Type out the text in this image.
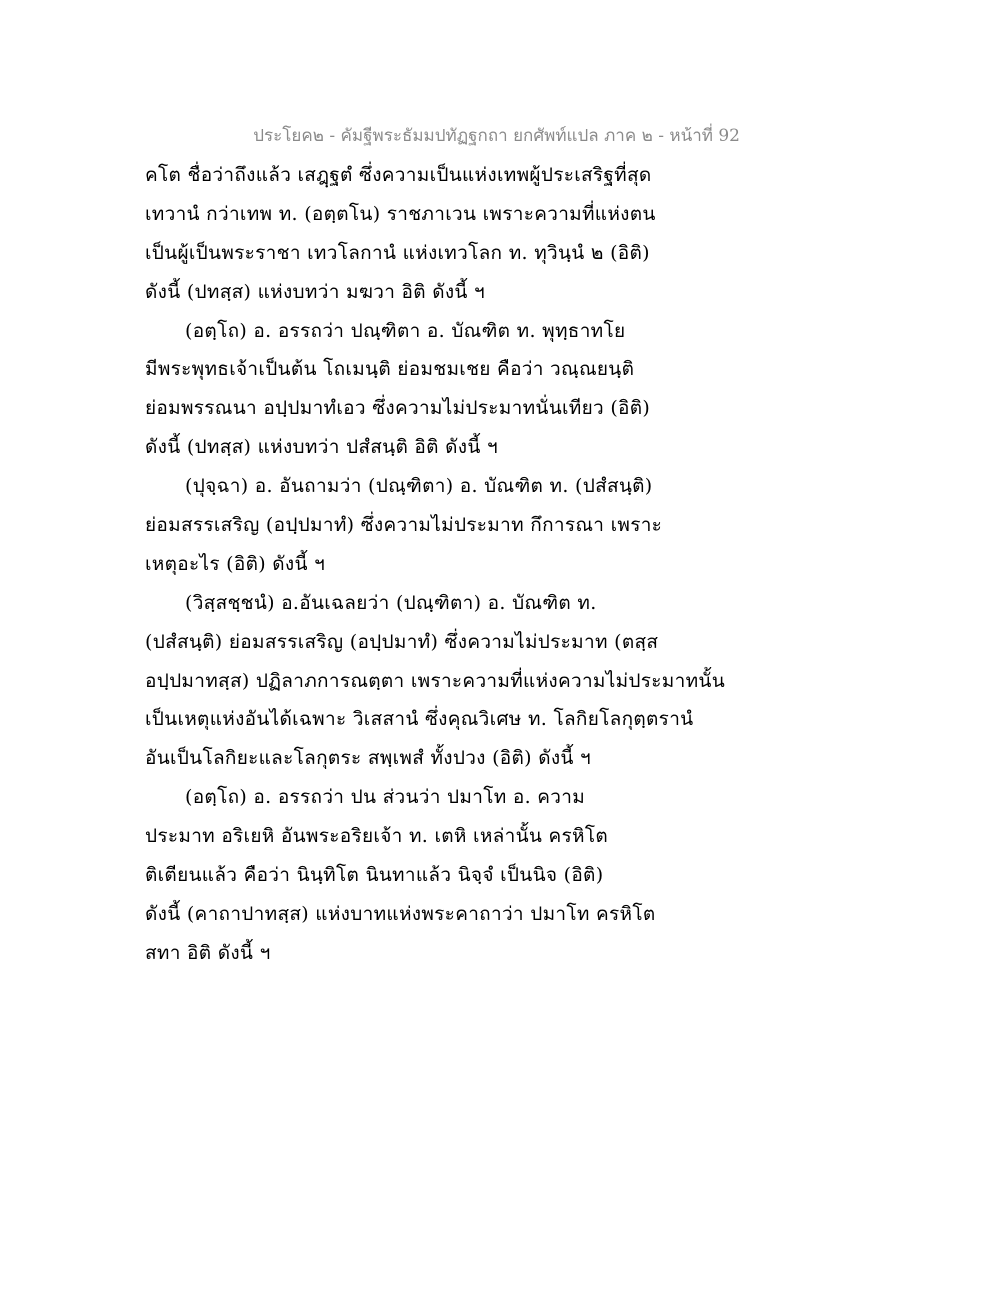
ประโยค๒ - คัมฐีพระธัมมปทัฏฐกถา ยกศัพท์แปล ภาค ๒ - หน้าที่ 92
คโต ชื่อว่าถึงแล้ว เสฎฺฐตํ ซึ่งความเป็นแห่งเทพผู้ประเสริฐที่สุด
เทวานํ กว่าเทพ ท. (อตฺตโน) ราชภาเวน เพราะความที่แห่งตน
เป็นผู้เป็นพระราชา เทวโลกานํ แห่งเทวโลก ท. ทุวินฺนํ ๒ (อิติ)
ดังนี้ (ปทสฺส) แห่งบทว่า มฆวา อิติ ดังนี้ ฯ
(อตฺโถ) อ. อรรถว่า ปณฺฑิตา อ. บัณฑิต ท. พุทฺธาทโย
มีพระพุทธเจ้าเป็นต้น โถเมนฺติ ย่อมชมเชย คือว่า วณฺณยนฺติ
ย่อมพรรณนา อปฺปมาทํเอว ซึ่งความไม่ประมาทนั่นเทียว (อิติ)
ดังนี้ (ปทสฺส) แห่งบทว่า ปสํสนฺติ อิติ ดังนี้ ฯ
(ปุจฺฉา) อ. อันถามว่า (ปณฺฑิตา) อ. บัณฑิต ท. (ปสํสนฺติ)
ย่อมสรรเสริญ (อปฺปมาทํ) ซึ่งความไม่ประมาท กึการณา เพราะ
เหตุอะไร (อิติ) ดังนี้ ฯ
(วิสฺสชฺชนํ) อ.อันเฉลยว่า (ปณฺฑิตา) อ. บัณฑิต ท.
(ปสํสนฺติ) ย่อมสรรเสริญ (อปฺปมาทํ) ซึ่งความไม่ประมาท (ตสฺส
อปฺปมาทสฺส) ปฏิลาภการณตฺตา เพราะความที่แห่งความไม่ประมาทนั้น
เป็นเหตุแห่งอันได้เฉพาะ วิเสสานํ ซึ่งคุณวิเศษ ท. โลกิยโลกุตฺตรานํ
อันเป็นโลกิยะและโลกุตระ สพฺเพสํ ทั้งปวง (อิติ) ดังนี้ ฯ
(อตฺโถ) อ. อรรถว่า ปน ส่วนว่า ปมาโท อ. ความ
ประมาท อริเยหิ อันพระอริยเจ้า ท. เตหิ เหล่านั้น ครหิโต
ติเตียนแล้ว คือว่า นินฺทิโต นินทาแล้ว นิจฺจํ เป็นนิจ (อิติ)
ดังนี้ (คาถาปาทสฺส) แห่งบาทแห่งพระคาถาว่า ปมาโท ครหิโต
สทา อิติ ดังนี้ ฯ
